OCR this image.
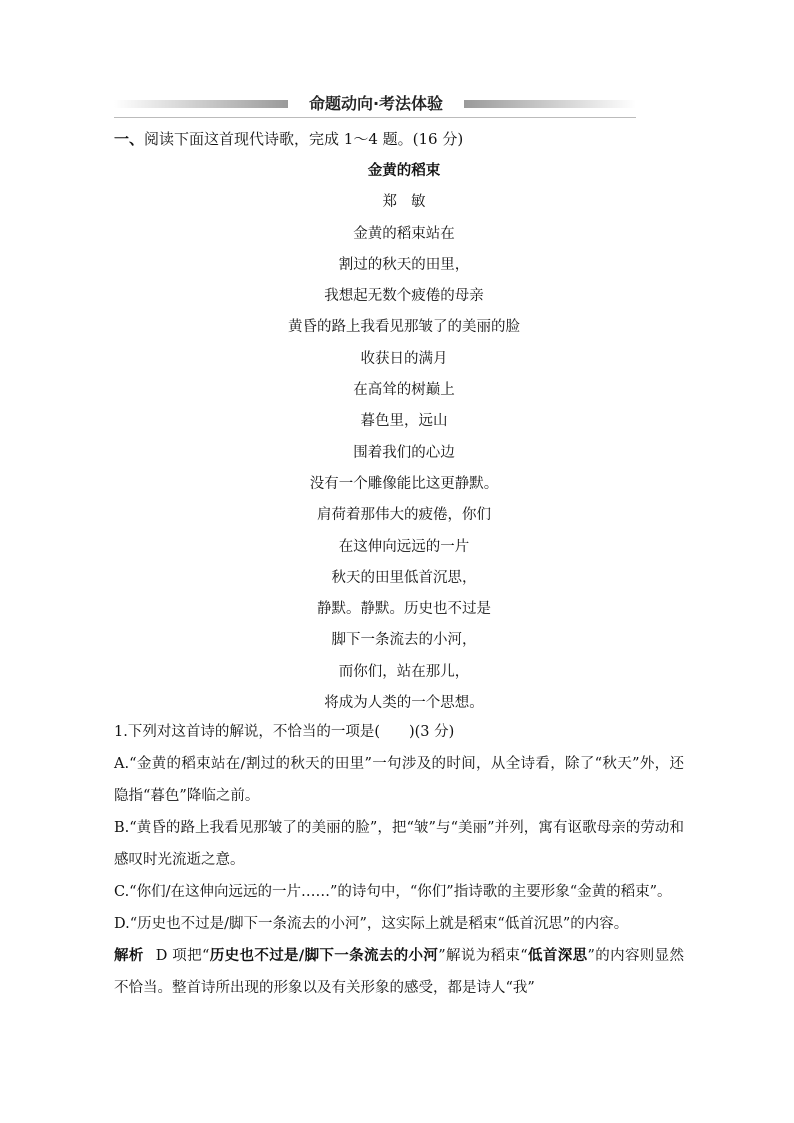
命题动向·考法体验
一、阅读下面这首现代诗歌，完成 1～4 题。(16 分)
金黄的稻束
郑敏
金黄的稻束站在
割过的秋天的田里，
我想起无数个疲倦的母亲
黄昏的路上我看见那皱了的美丽的脸
收获日的满月
在高耸的树巅上
暮色里，远山
围着我们的心边
没有一个雕像能比这更静默。
肩荷着那伟大的疲倦，你们
在这伸向远远的一片
秋天的田里低首沉思，
静默。静默。历史也不过是
脚下一条流去的小河，
而你们，站在那儿，
将成为人类的一个思想。
1.下列对这首诗的解说，不恰当的一项是(　　)(3 分)
A.“金黄的稻束站在/割过的秋天的田里”一句涉及的时间，从全诗看，除了“秋天”外，还隐指“暮色”降临之前。
B.“黄昏的路上我看见那皱了的美丽的脸”，把“皱”与“美丽”并列，寓有讴歌母亲的劳动和感叹时光流逝之意。
C.“你们/在这伸向远远的一片……”的诗句中，“你们”指诗歌的主要形象“金黄的稻束”。
D.“历史也不过是/脚下一条流去的小河”，这实际上就是稻束“低首沉思”的内容。
解析 D 项把“历史也不过是/脚下一条流去的小河”解说为稻束“低首深思”的内容则显然不恰当。整首诗所出现的形象以及有关形象的感受，都是诗人“我”
